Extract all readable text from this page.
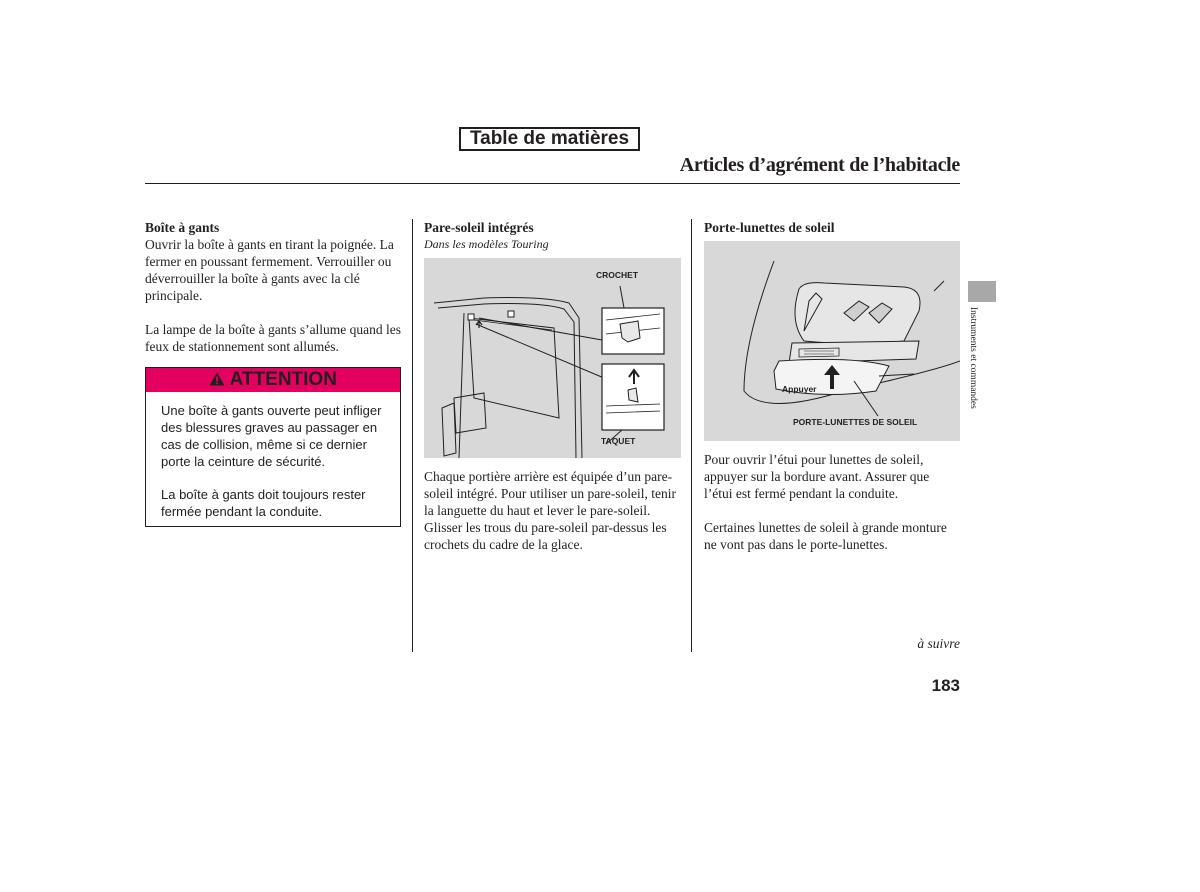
Table de matières
Articles d’agrément de l’habitacle
Boîte à gants

Ouvrir la boîte à gants en tirant la poignée. La fermer en poussant fermement. Verrouiller ou déverrouiller la boîte à gants avec la clé principale.

La lampe de la boîte à gants s’allume quand les feux de stationnement sont allumés.

ATTENTION

Une boîte à gants ouverte peut infliger des blessures graves au passager en cas de collision, même si ce dernier porte la ceinture de sécurité.

La boîte à gants doit toujours rester fermée pendant la conduite.

Pare-soleil intégrés
Dans les modèles Touring
CROCHET
TAQUET

Chaque portière arrière est équipée d’un pare-soleil intégré. Pour utiliser un pare-soleil, tenir la languette du haut et lever le pare-soleil. Glisser les trous du pare-soleil par-dessus les crochets du cadre de la glace.

Porte-lunettes de soleil
Appuyer
PORTE-LUNETTES DE SOLEIL

Pour ouvrir l’étui pour lunettes de soleil, appuyer sur la bordure avant. Assurer que l’étui est fermé pendant la conduite.

Certaines lunettes de soleil à grande monture ne vont pas dans le porte-lunettes.

Instruments et commandes
à suivre
183
